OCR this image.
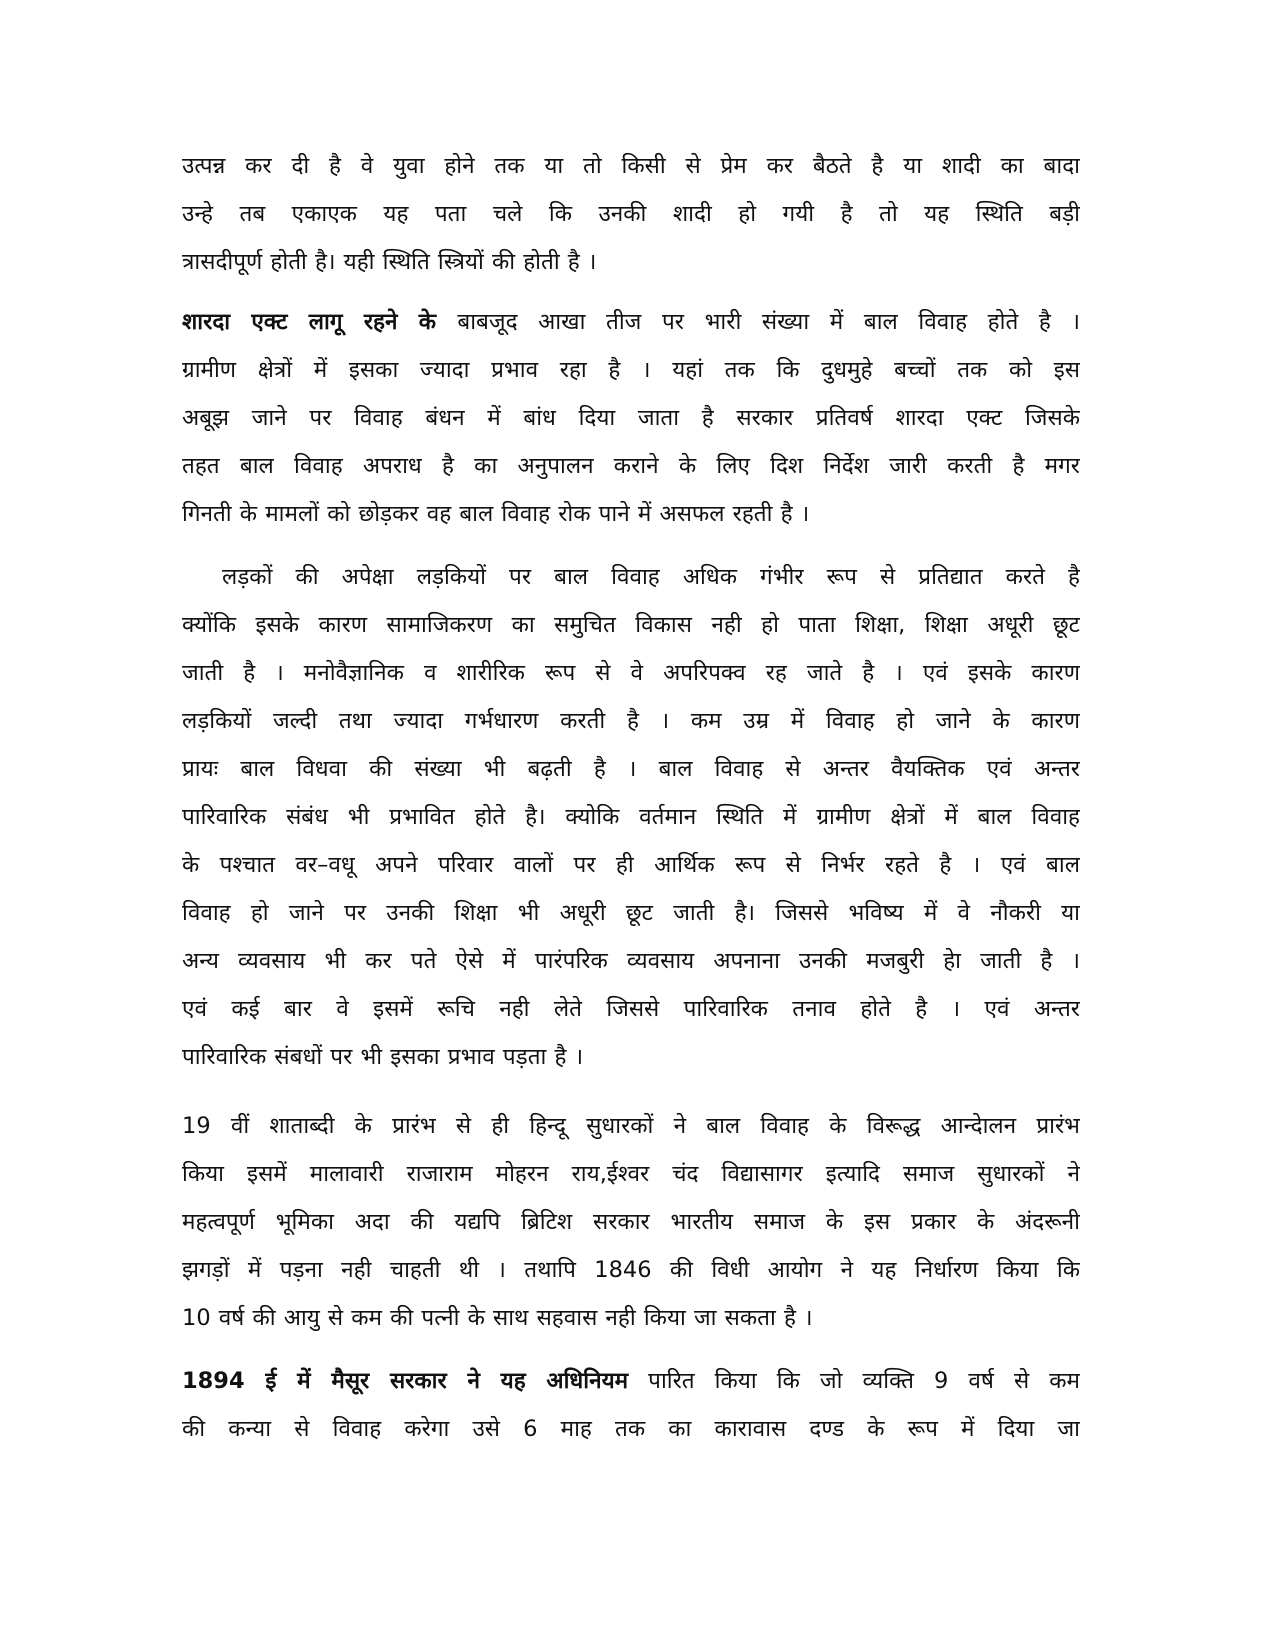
उत्पन्न कर दी है वे युवा होने तक या तो किसी से प्रेम कर बैठते है या शादी का बादा
उन्हे तब एकाएक यह पता चले कि उनकी शादी हो गयी है तो यह स्थिति बड़ी
त्रासदीपूर्ण होती है। यही स्थिति स्त्रियों की होती है ।
शारदा एक्ट लागू रहने के बाबजूद आखा तीज पर भारी संख्या में बाल विवाह होते है ।
ग्रामीण क्षेत्रों में इसका ज्यादा प्रभाव रहा है । यहां तक कि दुधमुहे बच्चों तक को इस
अबूझ जाने पर विवाह बंधन में बांध दिया जाता है सरकार प्रतिवर्ष शारदा एक्ट जिसके
तहत बाल विवाह अपराध है का अनुपालन कराने के लिए दिश निर्देश जारी करती है मगर
गिनती के मामलों को छोड़कर वह बाल विवाह रोक पाने में असफल रहती है ।
लड़कों की अपेक्षा लड़कियों पर बाल विवाह अधिक गंभीर रूप से प्रतिद्यात करते है
क्योंकि इसके कारण सामाजिकरण का समुचित विकास नही हो पाता शिक्षा, शिक्षा अधूरी छूट
जाती है । मनोवैज्ञानिक व शारीरिक रूप से वे अपरिपक्व रह जाते है । एवं इसके कारण
लड़कियों जल्दी तथा ज्यादा गर्भधारण करती है । कम उम्र में विवाह हो जाने के कारण
प्रायः बाल विधवा की संख्या भी बढ़ती है । बाल विवाह से अन्तर वैयक्तिक एवं अन्तर
पारिवारिक संबंध भी प्रभावित होते है। क्योकि वर्तमान स्थिति में ग्रामीण क्षेत्रों में बाल विवाह
के पश्चात वर–वधू अपने परिवार वालों पर ही आर्थिक रूप से निर्भर रहते है । एवं बाल
विवाह हो जाने पर उनकी शिक्षा भी अधूरी छूट जाती है। जिससे भविष्य में वे नौकरी या
अन्य व्यवसाय भी कर पते ऐसे में पारंपरिक व्यवसाय अपनाना उनकी मजबुरी हेा जाती है ।
एवं कई बार वे इसमें रूचि नही लेते जिससे पारिवारिक तनाव होते है । एवं अन्तर
पारिवारिक संबधों पर भी इसका प्रभाव पड़ता है ।
19 वीं शाताब्दी के प्रारंभ से ही हिन्दू सुधारकों ने बाल विवाह के विरूद्ध आन्देालन प्रारंभ
किया इसमें मालावारी राजाराम मोहरन राय,ईश्वर चंद विद्यासागर इत्यादि समाज सुधारकों ने
महत्वपूर्ण भूमिका अदा की यद्यपि ब्रिटिश सरकार भारतीय समाज के इस प्रकार के अंदरूनी
झगड़ों में पड़ना नही चाहती थी । तथापि 1846 की विधी आयोग ने यह निर्धारण किया कि
10 वर्ष की आयु से कम की पत्नी के साथ सहवास नही किया जा सकता है ।
1894 ई में मैसूर सरकार ने यह अधिनियम पारित किया कि जो व्यक्ति 9 वर्ष से कम
की कन्या से विवाह करेगा उसे 6 माह तक का कारावास दण्ड के रूप में दिया जा
